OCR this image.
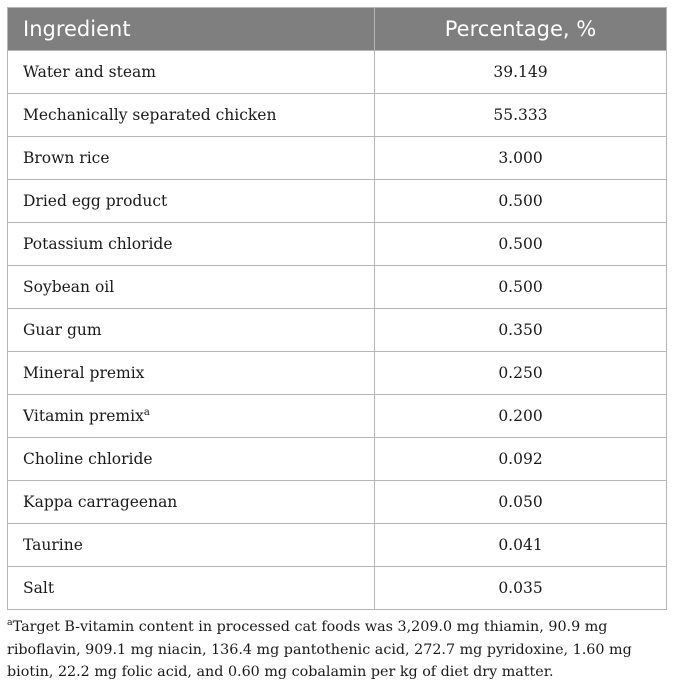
Ingredient	Percentage, %
Water and steam	39.149
Mechanically separated chicken	55.333
Brown rice	3.000
Dried egg product	0.500
Potassium chloride	0.500
Soybean oil	0.500
Guar gum	0.350
Mineral premix	0.250
Vitamin premix$^a$	0.200
Choline chloride	0.092
Kappa carrageenan	0.050
Taurine	0.041
Salt	0.035
$^a$Target B-vitamin content in processed cat foods was 3,209.0 mg thiamin, 90.9 mg riboflavin, 909.1 mg niacin, 136.4 mg pantothenic acid, 272.7 mg pyridoxine, 1.60 mg biotin, 22.2 mg folic acid, and 0.60 mg cobalamin per kg of diet dry matter.
